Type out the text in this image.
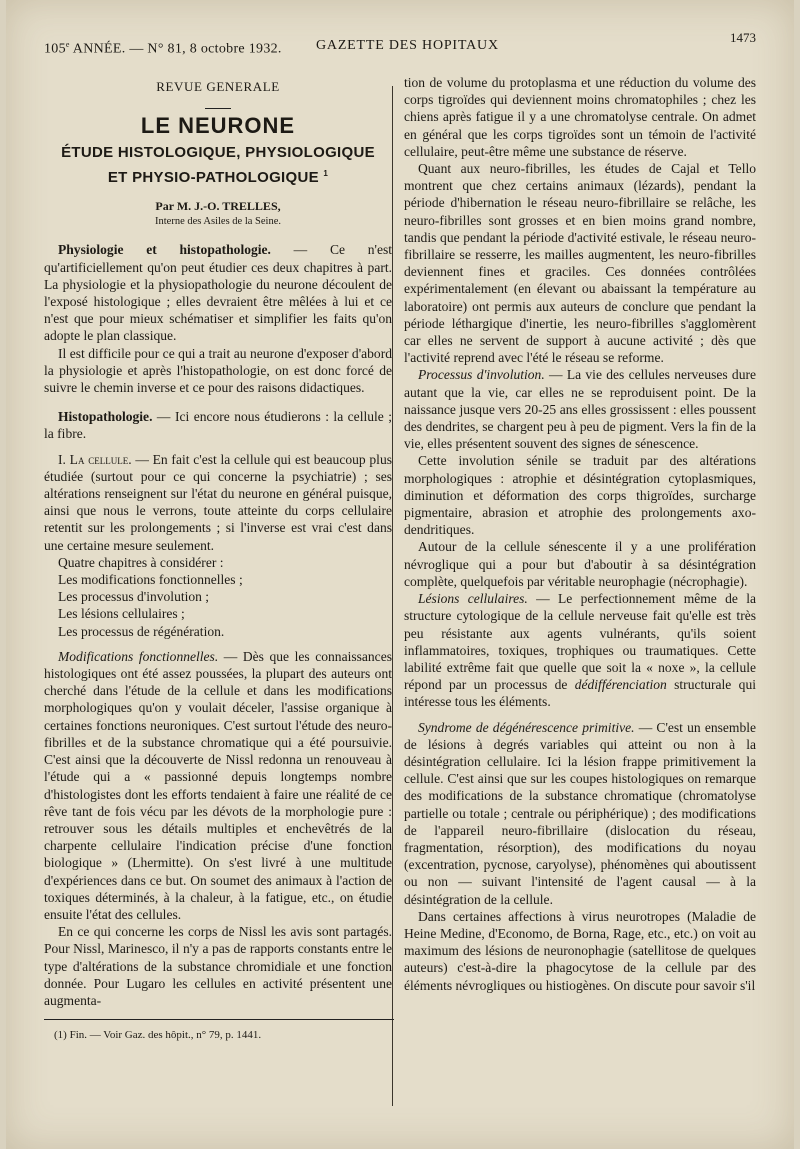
105e ANNÉE. — N° 81, 8 octobre 1932. GAZETTE DES HOPITAUX
1473
REVUE GENERALE
LE NEURONE
ÉTUDE HISTOLOGIQUE, PHYSIOLOGIQUE
ET PHYSIO-PATHOLOGIQUE $^1$
Par M. J.-O. TRELLES,
Interne des Asiles de la Seine.

Physiologie et histopathologie. — Ce n'est qu'artificiellement qu'on peut étudier ces deux chapitres à part. La physiologie et la physiopathologie du neurone découlent de l'exposé histologique ; elles devraient être mêlées à lui et ce n'est que pour mieux schématiser et simplifier les faits qu'on adopte le plan classique.

Il est difficile pour ce qui a trait au neurone d'exposer d'abord la physiologie et après l'histopathologie, on est donc forcé de suivre le chemin inverse et ce pour des raisons didactiques.

Histopathologie. — Ici encore nous étudierons : la cellule ; la fibre.

I. La cellule. — En fait c'est la cellule qui est beaucoup plus étudiée (surtout pour ce qui concerne la psychiatrie) ; ses altérations renseignent sur l'état du neurone en général puisque, ainsi que nous le verrons, toute atteinte du corps cellulaire retentit sur les prolongements ; si l'inverse est vrai c'est dans une certaine mesure seulement.

Quatre chapitres à considérer :

Les modifications fonctionnelles ;

Les processus d'involution ;

Les lésions cellulaires ;

Les processus de régénération.

Modifications fonctionnelles. — Dès que les connaissances histologiques ont été assez poussées, la plupart des auteurs ont cherché dans l'étude de la cellule et dans les modifications morphologiques qu'on y voulait déceler, l'assise organique à certaines fonctions neuroniques. C'est surtout l'étude des neuro-fibrilles et de la substance chromatique qui a été poursuivie. C'est ainsi que la découverte de Nissl redonna un renouveau à l'étude qui a « passionné depuis longtemps nombre d'histologistes dont les efforts tendaient à faire une réalité de ce rêve tant de fois vécu par les dévots de la morphologie pure : retrouver sous les détails multiples et enchevêtrés de la charpente cellulaire l'indication précise d'une fonction biologique » (Lhermitte). On s'est livré à une multitude d'expériences dans ce but. On soumet des animaux à l'action de toxiques déterminés, à la chaleur, à la fatigue, etc., on étudie ensuite l'état des cellules.

En ce qui concerne les corps de Nissl les avis sont partagés. Pour Nissl, Marinesco, il n'y a pas de rapports constants entre le type d'altérations de la substance chromidiale et une fonction donnée. Pour Lugaro les cellules en activité présentent une augmenta-

(1) Fin. — Voir Gaz. des hôpit., n° 79, p. 1441.

tion de volume du protoplasma et une réduction du volume des corps tigroïdes qui deviennent moins chromatophiles ; chez les chiens après fatigue il y a une chromatolyse centrale. On admet en général que les corps tigroïdes sont un témoin de l'activité cellulaire, peut-être même une substance de réserve.

Quant aux neuro-fibrilles, les études de Cajal et Tello montrent que chez certains animaux (lézards), pendant la période d'hibernation le réseau neuro-fibrillaire se relâche, les neuro-fibrilles sont grosses et en bien moins grand nombre, tandis que pendant la période d'activité estivale, le réseau neuro-fibrillaire se resserre, les mailles augmentent, les neuro-fibrilles deviennent fines et graciles. Ces données contrôlées expérimentalement (en élevant ou abaissant la température au laboratoire) ont permis aux auteurs de conclure que pendant la période léthargique d'inertie, les neuro-fibrilles s'agglomèrent car elles ne servent de support à aucune activité ; dès que l'activité reprend avec l'été le réseau se reforme.

Processus d'involution. — La vie des cellules nerveuses dure autant que la vie, car elles ne se reproduisent point. De la naissance jusque vers 20-25 ans elles grossissent : elles poussent des dendrites, se chargent peu à peu de pigment. Vers la fin de la vie, elles présentent souvent des signes de sénescence.

Cette involution sénile se traduit par des altérations morphologiques : atrophie et désintégration cytoplasmiques, diminution et déformation des corps thigroïdes, surcharge pigmentaire, abrasion et atrophie des prolongements axo-dendritiques.

Autour de la cellule sénescente il y a une prolifération névroglique qui a pour but d'aboutir à sa désintégration complète, quelquefois par véritable neurophagie (nécrophagie).

Lésions cellulaires. — Le perfectionnement même de la structure cytologique de la cellule nerveuse fait qu'elle est très peu résistante aux agents vulnérants, qu'ils soient inflammatoires, toxiques, trophiques ou traumatiques. Cette labilité extrême fait que quelle que soit la « noxe », la cellule répond par un processus de dédifférenciation structurale qui intéresse tous les éléments.

Syndrome de dégénérescence primitive. — C'est un ensemble de lésions à degrés variables qui atteint ou non à la désintégration cellulaire. Ici la lésion frappe primitivement la cellule. C'est ainsi que sur les coupes histologiques on remarque des modifications de la substance chromatique (chromatolyse partielle ou totale ; centrale ou périphérique) ; des modifications de l'appareil neuro-fibrillaire (dislocation du réseau, fragmentation, résorption), des modifications du noyau (excentration, pycnose, caryolyse), phénomènes qui aboutissent ou non — suivant l'intensité de l'agent causal — à la désintégration de la cellule.

Dans certaines affections à virus neurotropes (Maladie de Heine Medine, d'Economo, de Borna, Rage, etc., etc.) on voit au maximum des lésions de neuronophagie (satellitose de quelques auteurs) c'est-à-dire la phagocytose de la cellule par des éléments névrogliques ou histiogènes. On discute pour savoir s'il
